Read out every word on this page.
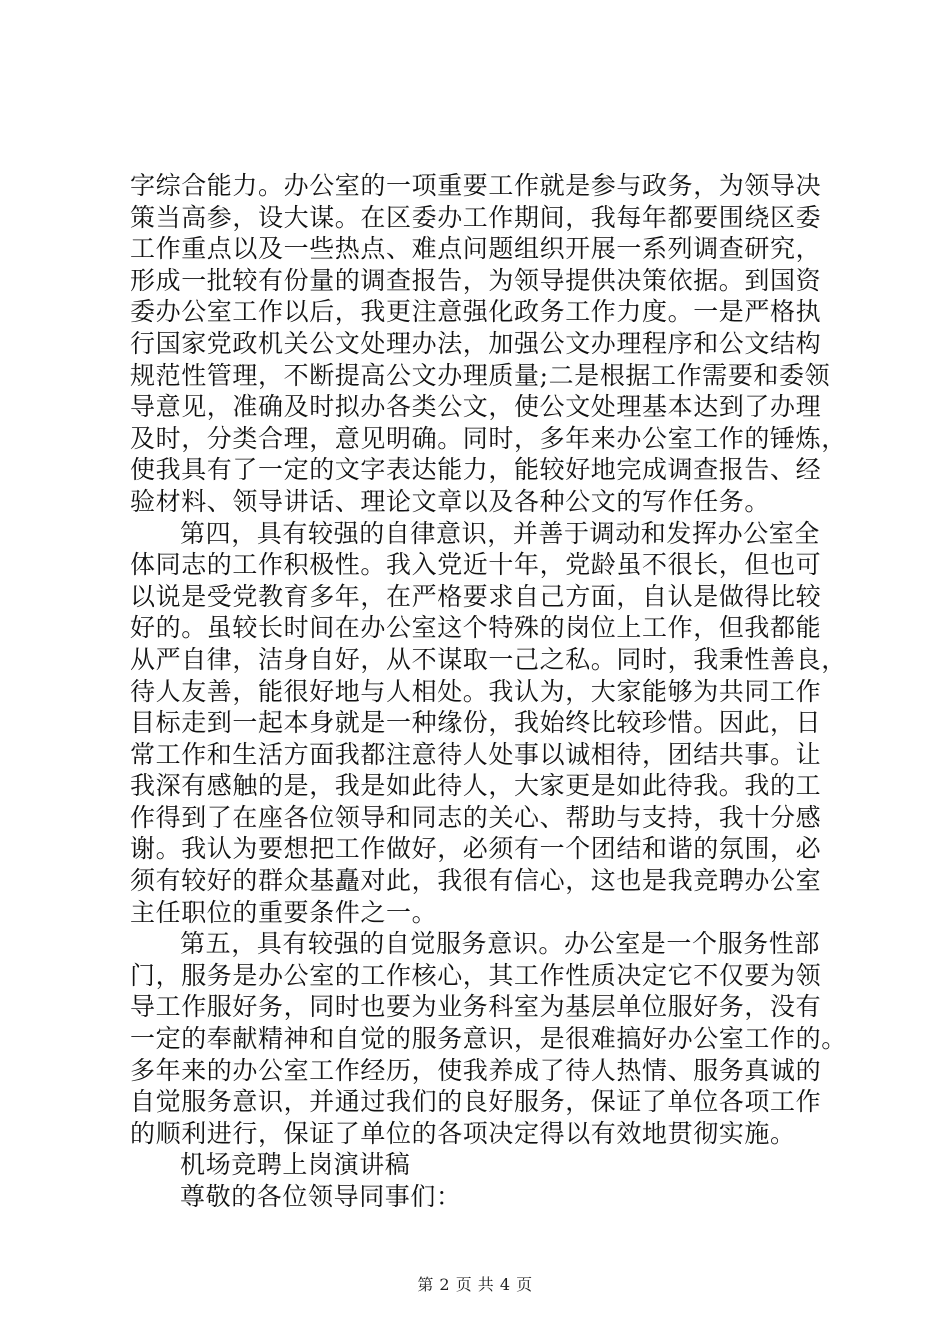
字综合能力。办公室的一项重要工作就是参与政务，为领导决
策当高参，设大谋。在区委办工作期间，我每年都要围绕区委
工作重点以及一些热点、难点问题组织开展一系列调查研究，
形成一批较有份量的调查报告，为领导提供决策依据。到国资
委办公室工作以后，我更注意强化政务工作力度。一是严格执
行国家党政机关公文处理办法，加强公文办理程序和公文结构
规范性管理，不断提高公文办理质量;二是根据工作需要和委领
导意见，准确及时拟办各类公文，使公文处理基本达到了办理
及时，分类合理，意见明确。同时，多年来办公室工作的锤炼，
使我具有了一定的文字表达能力，能较好地完成调查报告、经
验材料、领导讲话、理论文章以及各种公文的写作任务。
第四，具有较强的自律意识，并善于调动和发挥办公室全
体同志的工作积极性。我入党近十年，党龄虽不很长，但也可
以说是受党教育多年，在严格要求自己方面，自认是做得比较
好的。虽较长时间在办公室这个特殊的岗位上工作，但我都能
从严自律，洁身自好，从不谋取一己之私。同时，我秉性善良，
待人友善，能很好地与人相处。我认为，大家能够为共同工作
目标走到一起本身就是一种缘份，我始终比较珍惜。因此，日
常工作和生活方面我都注意待人处事以诚相待，团结共事。让
我深有感触的是，我是如此待人，大家更是如此待我。我的工
作得到了在座各位领导和同志的关心、帮助与支持，我十分感
谢。我认为要想把工作做好，必须有一个团结和谐的氛围，必
须有较好的群众基矗对此，我很有信心，这也是我竞聘办公室
主任职位的重要条件之一。
第五，具有较强的自觉服务意识。办公室是一个服务性部
门，服务是办公室的工作核心，其工作性质决定它不仅要为领
导工作服好务，同时也要为业务科室为基层单位服好务，没有
一定的奉献精神和自觉的服务意识，是很难搞好办公室工作的。
多年来的办公室工作经历，使我养成了待人热情、服务真诚的
自觉服务意识，并通过我们的良好服务，保证了单位各项工作
的顺利进行，保证了单位的各项决定得以有效地贯彻实施。
机场竞聘上岗演讲稿
尊敬的各位领导同事们：
第 2 页 共 4 页
